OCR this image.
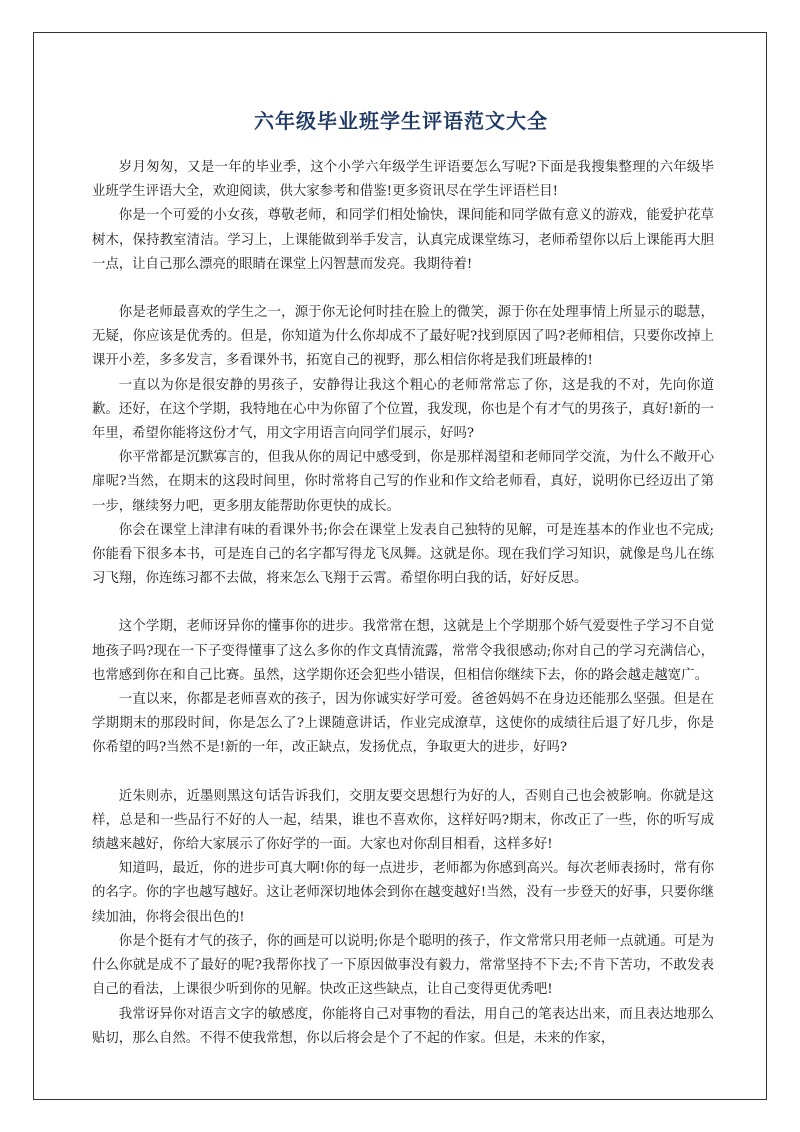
六年级毕业班学生评语范文大全

岁月匆匆，又是一年的毕业季，这个小学六年级学生评语要怎么写呢?下面是我搜集整理的六年级毕业班学生评语大全，欢迎阅读，供大家参考和借鉴!更多资讯尽在学生评语栏目!

你是一个可爱的小女孩，尊敬老师，和同学们相处愉快，课间能和同学做有意义的游戏，能爱护花草树木，保持教室清洁。学习上，上课能做到举手发言，认真完成课堂练习，老师希望你以后上课能再大胆一点，让自己那么漂亮的眼睛在课堂上闪智慧而发亮。我期待着!

你是老师最喜欢的学生之一，源于你无论何时挂在脸上的微笑，源于你在处理事情上所显示的聪慧，无疑，你应该是优秀的。但是，你知道为什么你却成不了最好呢?找到原因了吗?老师相信，只要你改掉上课开小差，多多发言，多看课外书，拓宽自己的视野，那么相信你将是我们班最棒的!

一直以为你是很安静的男孩子，安静得让我这个粗心的老师常常忘了你，这是我的不对，先向你道歉。还好，在这个学期，我特地在心中为你留了个位置，我发现，你也是个有才气的男孩子，真好!新的一年里，希望你能将这份才气，用文字用语言向同学们展示，好吗?

你平常都是沉默寡言的，但我从你的周记中感受到，你是那样渴望和老师同学交流，为什么不敞开心扉呢?当然，在期末的这段时间里，你时常将自己写的作业和作文给老师看，真好，说明你已经迈出了第一步，继续努力吧，更多朋友能帮助你更快的成长。

你会在课堂上津津有味的看课外书;你会在课堂上发表自己独特的见解，可是连基本的作业也不完成;你能看下很多本书，可是连自己的名字都写得龙飞凤舞。这就是你。现在我们学习知识，就像是鸟儿在练习飞翔，你连练习都不去做，将来怎么飞翔于云霄。希望你明白我的话，好好反思。

这个学期，老师讶异你的懂事你的进步。我常常在想，这就是上个学期那个娇气爱耍性子学习不自觉地孩子吗?现在一下子变得懂事了这么多你的作文真情流露，常常令我很感动;你对自己的学习充满信心，也常感到你在和自己比赛。虽然，这学期你还会犯些小错误，但相信你继续下去，你的路会越走越宽广。

一直以来，你都是老师喜欢的孩子，因为你诚实好学可爱。爸爸妈妈不在身边还能那么坚强。但是在学期期末的那段时间，你是怎么了?上课随意讲话，作业完成潦草，这使你的成绩往后退了好几步，你是你希望的吗?当然不是!新的一年，改正缺点，发扬优点，争取更大的进步，好吗?

近朱则赤，近墨则黑这句话告诉我们，交朋友要交思想行为好的人，否则自己也会被影响。你就是这样，总是和一些品行不好的人一起，结果，谁也不喜欢你，这样好吗?期末，你改正了一些，你的听写成绩越来越好，你给大家展示了你好学的一面。大家也对你刮目相看，这样多好!

知道吗，最近，你的进步可真大啊!你的每一点进步，老师都为你感到高兴。每次老师表扬时，常有你的名字。你的字也越写越好。这让老师深切地体会到你在越变越好!当然，没有一步登天的好事，只要你继续加油，你将会很出色的!

你是个挺有才气的孩子，你的画是可以说明;你是个聪明的孩子，作文常常只用老师一点就通。可是为什么你就是成不了最好的呢?我帮你找了一下原因做事没有毅力，常常坚持不下去;不肯下苦功，不敢发表自己的看法，上课很少听到你的见解。快改正这些缺点，让自己变得更优秀吧!

我常讶异你对语言文字的敏感度，你能将自己对事物的看法，用自己的笔表达出来，而且表达地那么贴切，那么自然。不得不使我常想，你以后将会是个了不起的作家。但是，未来的作家，
